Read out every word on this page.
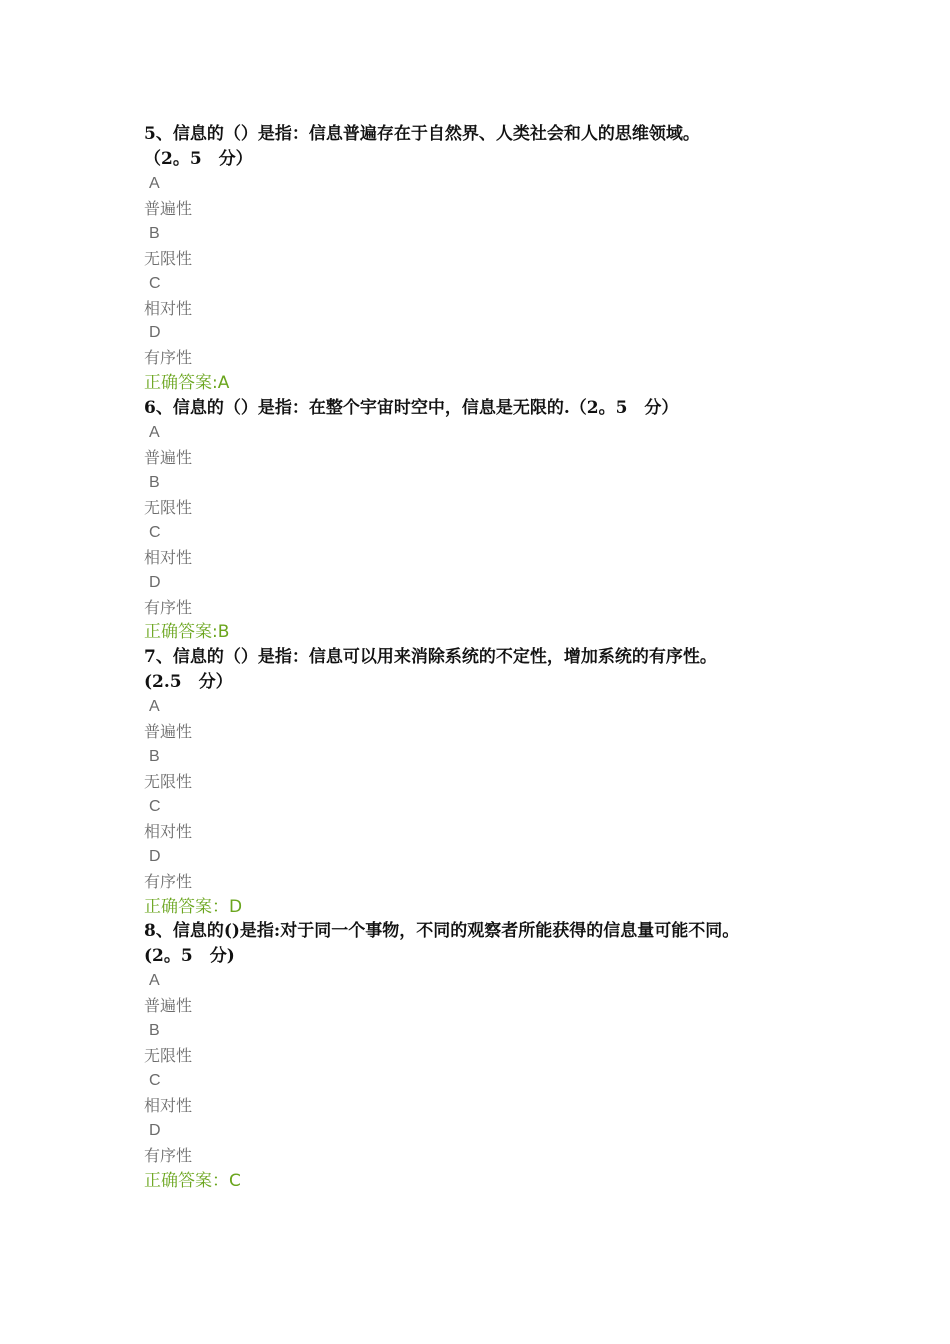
5、信息的（）是指：信息普遍存在于自然界、人类社会和人的思维领域。
（2。5　分）
A
普遍性
B
无限性
C
相对性
D
有序性
正确答案:A
6、信息的（）是指：在整个宇宙时空中，信息是无限的.（2。5　分）
A
普遍性
B
无限性
C
相对性
D
有序性
正确答案:B
7、信息的（）是指：信息可以用来消除系统的不定性，增加系统的有序性。
(2.5　分）
A
普遍性
B
无限性
C
相对性
D
有序性
正确答案：D
8、信息的()是指:对于同一个事物，不同的观察者所能获得的信息量可能不同。
(2。5　分)
A
普遍性
B
无限性
C
相对性
D
有序性
正确答案：C
